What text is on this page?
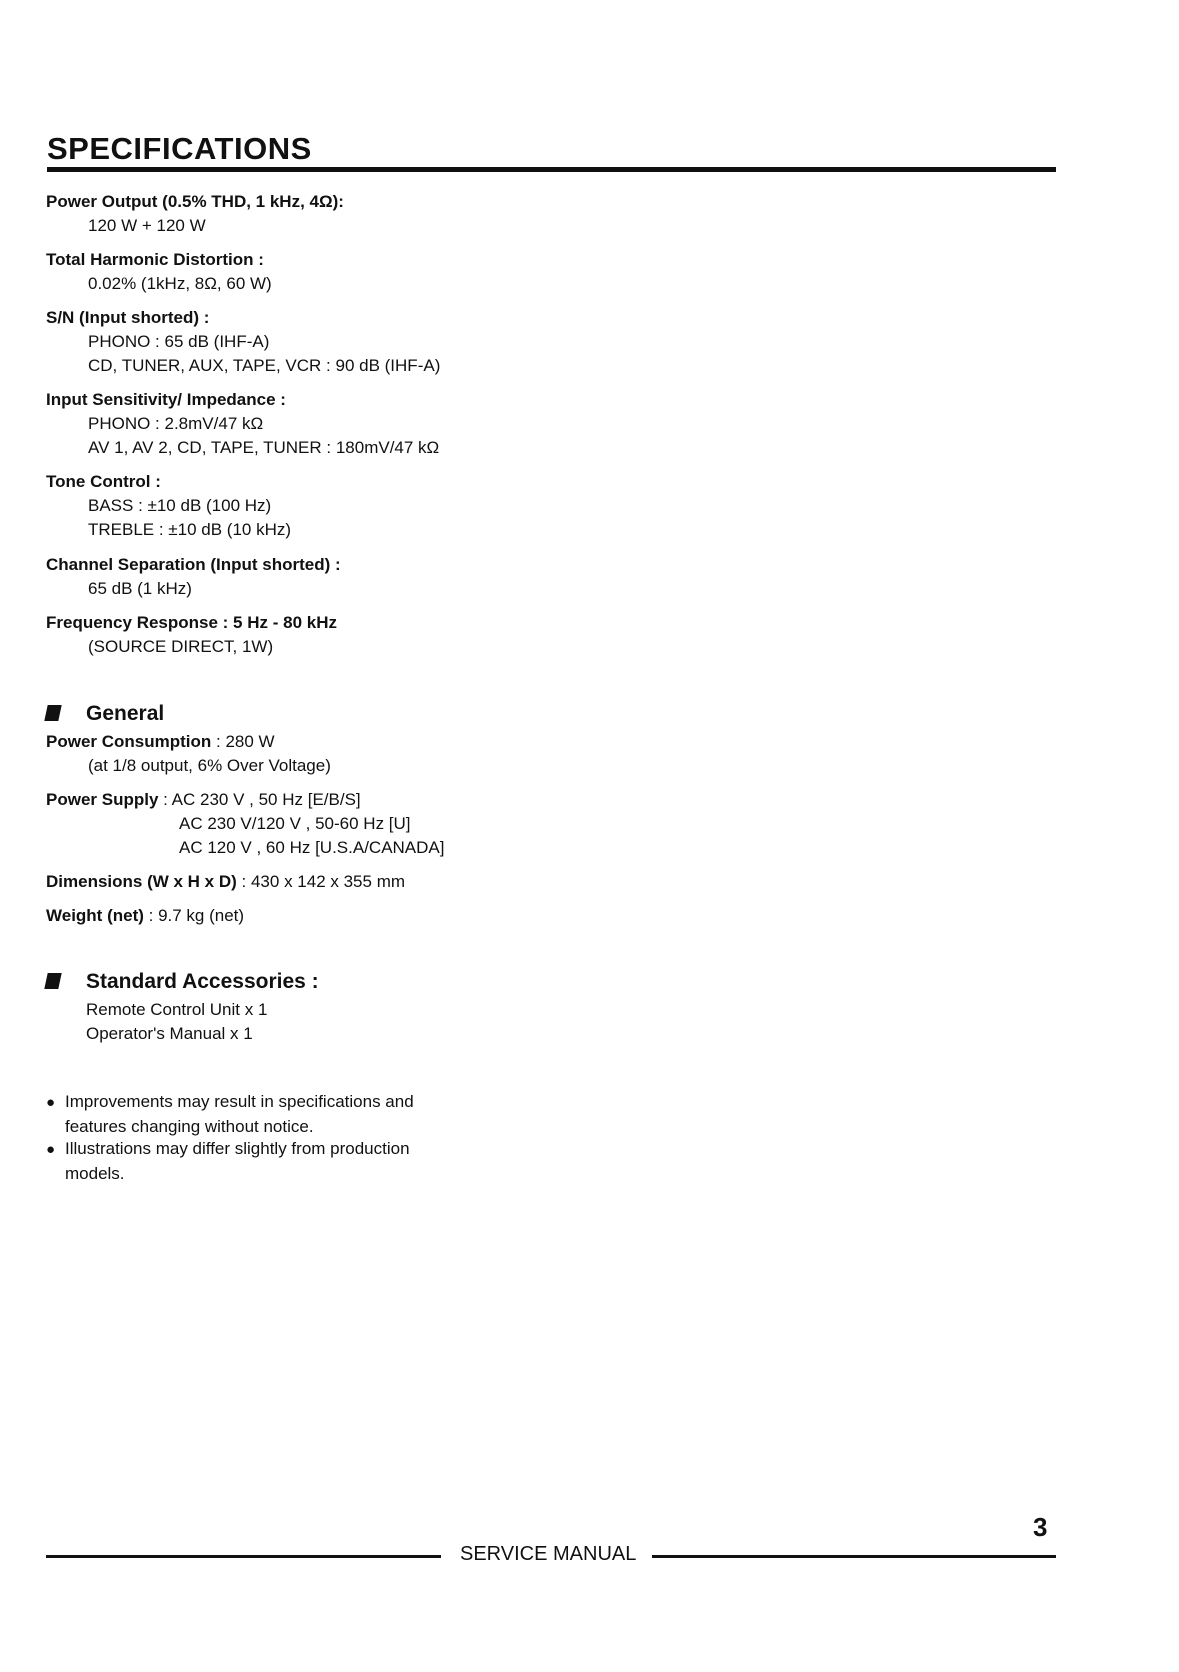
SPECIFICATIONS
Power Output (0.5% THD, 1 kHz, 4Ω):
120 W + 120 W
Total Harmonic Distortion :
0.02% (1kHz, 8Ω, 60 W)
S/N (Input shorted) :
PHONO : 65 dB (IHF-A)
CD, TUNER, AUX, TAPE, VCR : 90 dB (IHF-A)
Input Sensitivity/ Impedance :
PHONO : 2.8mV/47 kΩ
AV 1, AV 2, CD, TAPE, TUNER : 180mV/47 kΩ
Tone Control :
BASS : ±10 dB (100 Hz)
TREBLE : ±10 dB (10 kHz)
Channel Separation (Input shorted) :
65 dB (1 kHz)
Frequency Response : 5 Hz - 80 kHz
(SOURCE DIRECT, 1W)
General
Power Consumption : 280 W
(at 1/8 output, 6% Over Voltage)
Power Supply : AC 230 V , 50 Hz [E/B/S]
AC 230 V/120 V , 50-60 Hz [U]
AC 120 V , 60 Hz [U.S.A/CANADA]
Dimensions (W x H x D) : 430 x 142 x 355 mm
Weight (net) : 9.7 kg (net)
Standard Accessories :
Remote Control Unit x 1
Operator's Manual x 1
● Improvements may result in specifications and
features changing without notice.
● Illustrations may differ slightly from production
models.
SERVICE MANUAL
3
